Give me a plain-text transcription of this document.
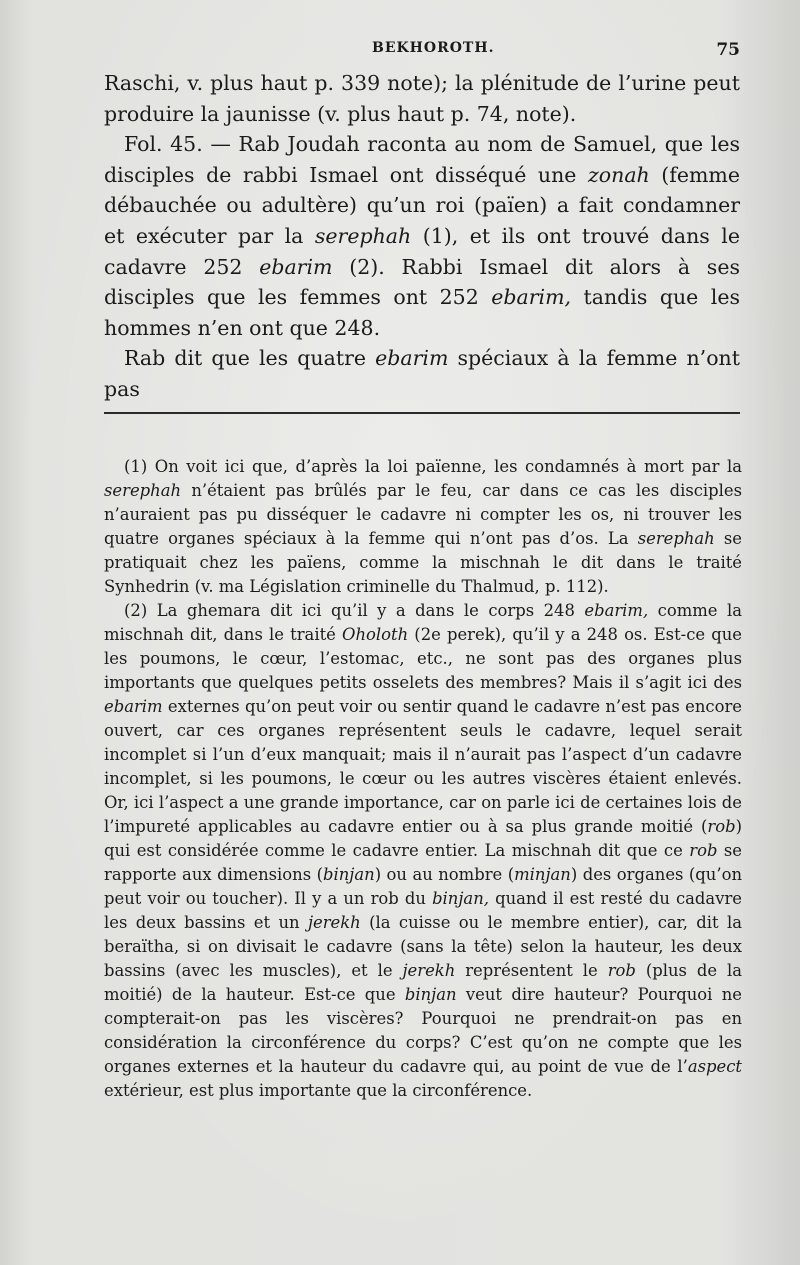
BEKHOROTH.	75

Raschi, v. plus haut p. 339 note); la plénitude de l’urine peut produire la jaunisse (v. plus haut p. 74, note).

Fol. 45. — Rab Joudah raconta au nom de Samuel, que les disciples de rabbi Ismael ont disséqué une zonah (femme débauchée ou adultère) qu’un roi (païen) a fait condamner et exécuter par la serephah (1), et ils ont trouvé dans le cadavre 252 ebarim (2). Rabbi Ismael dit alors à ses disciples que les femmes ont 252 ebarim, tandis que les hommes n’en ont que 248.

Rab dit que les quatre ebarim spéciaux à la femme n’ont pas

(1) On voit ici que, d’après la loi païenne, les condamnés à mort par la serephah n’étaient pas brûlés par le feu, car dans ce cas les disciples n’auraient pas pu disséquer le cadavre ni compter les os, ni trouver les quatre organes spéciaux à la femme qui n’ont pas d’os. La serephah se pratiquait chez les païens, comme la mischnah le dit dans le traité Synhedrin (v. ma Législation criminelle du Thalmud, p. 112).

(2) La ghemara dit ici qu’il y a dans le corps 248 ebarim, comme la mischnah dit, dans le traité Oholoth (2e perek), qu’il y a 248 os. Est-ce que les poumons, le cœur, l’estomac, etc., ne sont pas des organes plus importants que quelques petits osselets des membres? Mais il s’agit ici des ebarim externes qu’on peut voir ou sentir quand le cadavre n’est pas encore ouvert, car ces organes représentent seuls le cadavre, lequel serait incomplet si l’un d’eux manquait; mais il n’aurait pas l’aspect d’un cadavre incomplet, si les poumons, le cœur ou les autres viscères étaient enlevés. Or, ici l’aspect a une grande importance, car on parle ici de certaines lois de l’impureté applicables au cadavre entier ou à sa plus grande moitié (rob) qui est considérée comme le cadavre entier. La mischnah dit que ce rob se rapporte aux dimensions (binjan) ou au nombre (minjan) des organes (qu’on peut voir ou toucher). Il y a un rob du binjan, quand il est resté du cadavre les deux bassins et un jerekh (la cuisse ou le membre entier), car, dit la beraïtha, si on divisait le cadavre (sans la tête) selon la hauteur, les deux bassins (avec les muscles), et le jerekh représentent le rob (plus de la moitié) de la hauteur. Est-ce que binjan veut dire hauteur? Pourquoi ne compterait-on pas les viscères? Pourquoi ne prendrait-on pas en considération la circonférence du corps? C’est qu’on ne compte que les organes externes et la hauteur du cadavre qui, au point de vue de l’aspect extérieur, est plus importante que la circonférence.
